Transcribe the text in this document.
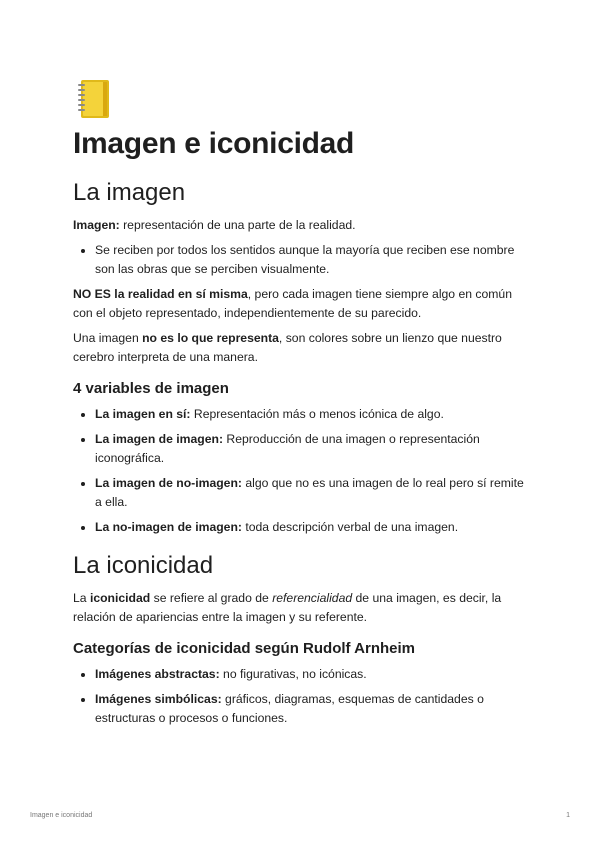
Imagen e iconicidad
La imagen

Imagen: representación de una parte de la realidad.

• Se reciben por todos los sentidos aunque la mayoría que reciben ese nombre son las obras que se perciben visualmente.

NO ES la realidad en sí misma, pero cada imagen tiene siempre algo en común con el objeto representado, independientemente de su parecido.

Una imagen no es lo que representa, son colores sobre un lienzo que nuestro cerebro interpreta de una manera.

4 variables de imagen
• La imagen en sí: Representación más o menos icónica de algo.
• La imagen de imagen: Reproducción de una imagen o representación iconográfica.
• La imagen de no-imagen: algo que no es una imagen de lo real pero sí remite a ella.
• La no-imagen de imagen: toda descripción verbal de una imagen.
La iconicidad

La iconicidad se refiere al grado de referencialidad de una imagen, es decir, la relación de apariencias entre la imagen y su referente.

Categorías de iconicidad según Rudolf Arnheim
• Imágenes abstractas: no figurativas, no icónicas.
• Imágenes simbólicas: gráficos, diagramas, esquemas de cantidades o estructuras o procesos o funciones.
Imagen e iconicidad	1
